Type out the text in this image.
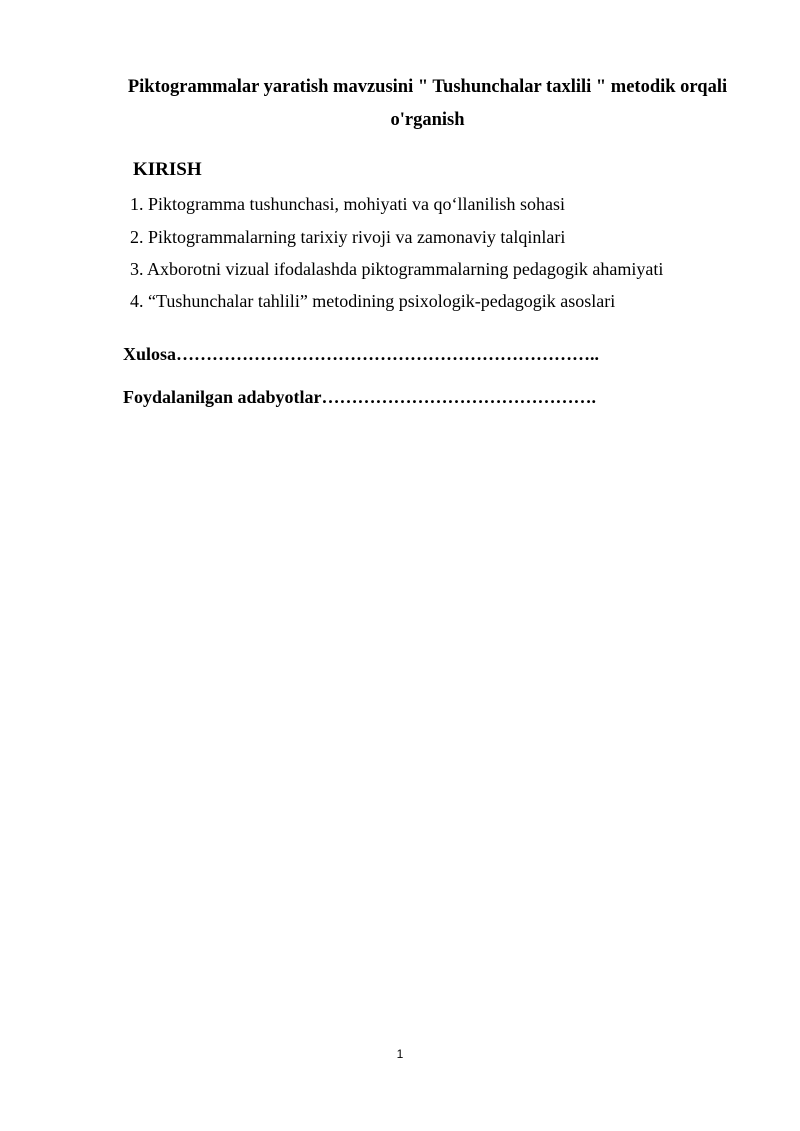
Piktogrammalar yaratish mavzusini " Tushunchalar taxlili " metodik orqali
o'rganish
KIRISH
1. Piktogramma tushunchasi, mohiyati va qo‘llanilish sohasi
2. Piktogrammalarning tarixiy rivoji va zamonaviy talqinlari
3. Axborotni vizual ifodalashda piktogrammalarning pedagogik ahamiyati
4. “Tushunchalar tahlili” metodining psixologik-pedagogik asoslari
Xulosa……………………………………………………………..
Foydalanilgan adabyotlar……………………………………….
1
